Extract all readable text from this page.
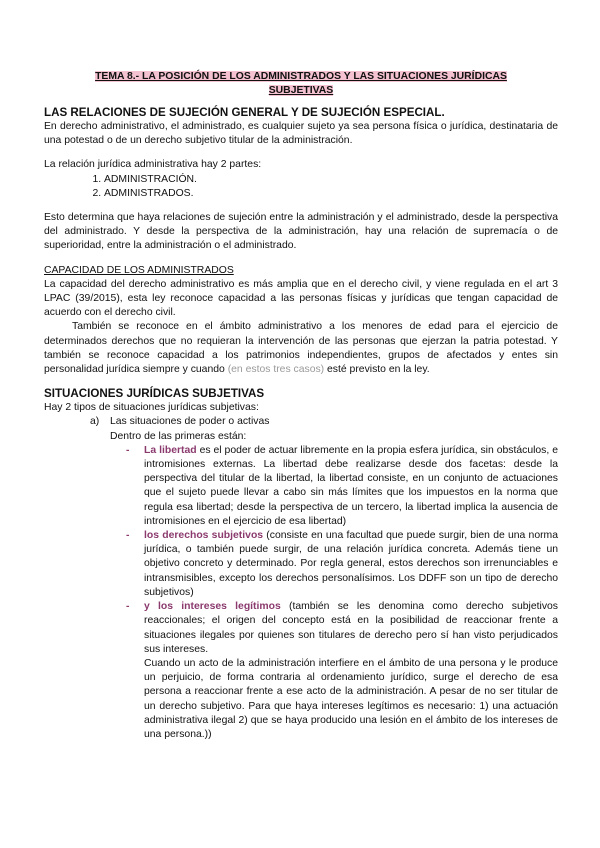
TEMA 8.- LA POSICIÓN DE LOS ADMINISTRADOS Y LAS SITUACIONES JURÍDICAS
SUBJETIVAS

LAS RELACIONES DE SUJECIÓN GENERAL Y DE SUJECIÓN ESPECIAL.

En derecho administrativo, el administrado, es cualquier sujeto ya sea persona física o jurídica, destinataria de una potestad o de un derecho subjetivo titular de la administración.

La relación jurídica administrativa hay 2 partes:

1. ADMINISTRACIÓN.
2. ADMINISTRADOS.

Esto determina que haya relaciones de sujeción entre la administración y el administrado, desde la perspectiva del administrado. Y desde la perspectiva de la administración, hay una relación de supremacía o de superioridad, entre la administración o el administrado.

CAPACIDAD DE LOS ADMINISTRADOS

La capacidad del derecho administrativo es más amplia que en el derecho civil, y viene regulada en el art 3 LPAC (39/2015), esta ley reconoce capacidad a las personas físicas y jurídicas que tengan capacidad de acuerdo con el derecho civil.

También se reconoce en el ámbito administrativo a los menores de edad para el ejercicio de determinados derechos que no requieran la intervención de las personas que ejerzan la patria potestad. Y también se reconoce capacidad a los patrimonios independientes, grupos de afectados y entes sin personalidad jurídica siempre y cuando (en estos tres casos) esté previsto en la ley.

SITUACIONES JURÍDICAS SUBJETIVAS

Hay 2 tipos de situaciones jurídicas subjetivas:

a) Las situaciones de poder o activas

Dentro de las primeras están:

- La libertad es el poder de actuar libremente en la propia esfera jurídica, sin obstáculos, e intromisiones externas. La libertad debe realizarse desde dos facetas: desde la perspectiva del titular de la libertad, la libertad consiste, en un conjunto de actuaciones que el sujeto puede llevar a cabo sin más límites que los impuestos en la norma que regula esa libertad; desde la perspectiva de un tercero, la libertad implica la ausencia de intromisiones en el ejercicio de esa libertad)

- los derechos subjetivos (consiste en una facultad que puede surgir, bien de una norma jurídica, o también puede surgir, de una relación jurídica concreta. Además tiene un objetivo concreto y determinado. Por regla general, estos derechos son irrenunciables e intransmisibles, excepto los derechos personalísimos. Los DDFF son un tipo de derecho subjetivos)

- y los intereses legítimos (también se les denomina como derecho subjetivos reaccionales; el origen del concepto está en la posibilidad de reaccionar frente a situaciones ilegales por quienes son titulares de derecho pero sí han visto perjudicados sus intereses.

Cuando un acto de la administración interfiere en el ámbito de una persona y le produce un perjuicio, de forma contraria al ordenamiento jurídico, surge el derecho de esa persona a reaccionar frente a ese acto de la administración. A pesar de no ser titular de un derecho subjetivo. Para que haya intereses legítimos es necesario: 1) una actuación administrativa ilegal 2) que se haya producido una lesión en el ámbito de los intereses de una persona.))
